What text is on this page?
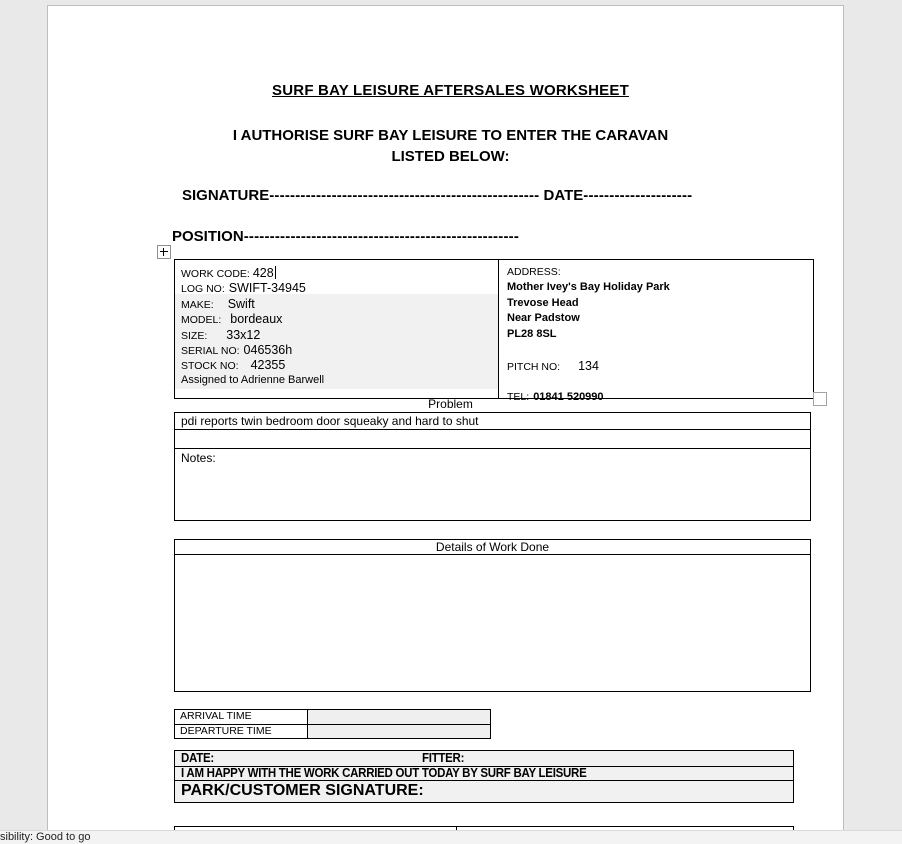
SURF BAY LEISURE AFTERSALES WORKSHEET
I AUTHORISE SURF BAY LEISURE TO ENTER THE CARAVAN
LISTED BELOW:
SIGNATURE---------------------------------------------------- DATE---------------------
POSITION-----------------------------------------------------
WORK CODE: 428
LOG NO: SWIFT-34945
MAKE: Swift
MODEL: bordeaux
SIZE: 33x12
SERIAL NO: 046536h
STOCK NO: 42355
Assigned to Adrienne Barwell
ADDRESS:
Mother Ivey's Bay Holiday Park
Trevose Head
Near Padstow
PL28 8SL
PITCH NO: 134
TEL: 01841 520990
Problem
pdi reports twin bedroom door squeaky and hard to shut
Notes:
Details of Work Done
ARRIVAL TIME
DEPARTURE TIME
DATE:	FITTER:
I AM HAPPY WITH THE WORK CARRIED OUT TODAY BY SURF BAY LEISURE
PARK/CUSTOMER SIGNATURE:
sibility: Good to go
